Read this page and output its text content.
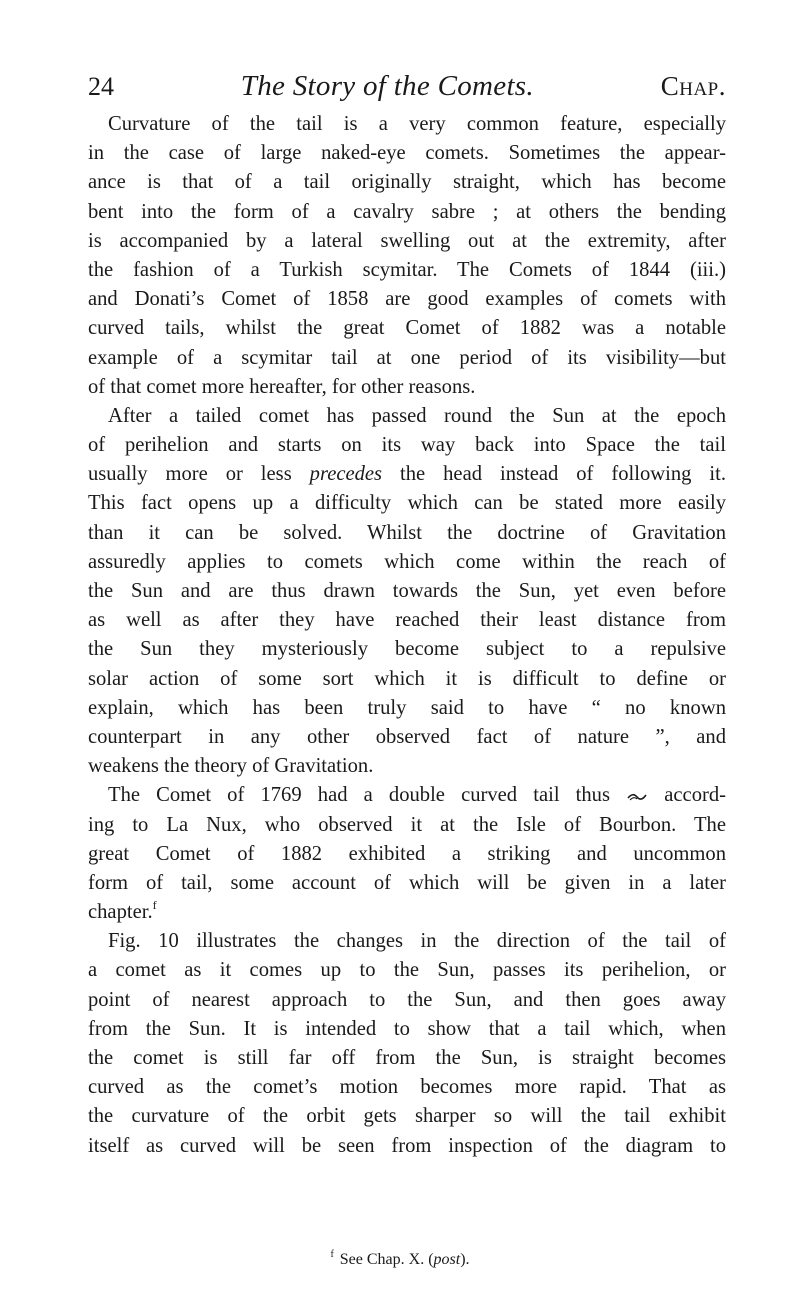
24	The Story of the Comets.	Chap.
Curvature of the tail is a very common feature, especially
in the case of large naked-eye comets. Sometimes the appear-
ance is that of a tail originally straight, which has become
bent into the form of a cavalry sabre ; at others the bending
is accompanied by a lateral swelling out at the extremity, after
the fashion of a Turkish scymitar. The Comets of 1844 (iii.)
and Donati’s Comet of 1858 are good examples of comets with
curved tails, whilst the great Comet of 1882 was a notable
example of a scymitar tail at one period of its visibility—but
of that comet more hereafter, for other reasons.
After a tailed comet has passed round the Sun at the epoch
of perihelion and starts on its way back into Space the tail
usually more or less precedes the head instead of following it.
This fact opens up a difficulty which can be stated more easily
than it can be solved. Whilst the doctrine of Gravitation
assuredly applies to comets which come within the reach of
the Sun and are thus drawn towards the Sun, yet even before
as well as after they have reached their least distance from
the Sun they mysteriously become subject to a repulsive
solar action of some sort which it is difficult to define or
explain, which has been truly said to have “ no known
counterpart in any other observed fact of nature ”, and
weakens the theory of Gravitation.
The Comet of 1769 had a double curved tail thus  accord-
ing to La Nux, who observed it at the Isle of Bourbon. The
great Comet of 1882 exhibited a striking and uncommon
form of tail, some account of which will be given in a later
chapter.$^f$
Fig. 10 illustrates the changes in the direction of the tail of
a comet as it comes up to the Sun, passes its perihelion, or
point of nearest approach to the Sun, and then goes away
from the Sun. It is intended to show that a tail which, when
the comet is still far off from the Sun, is straight becomes
curved as the comet’s motion becomes more rapid. That as
the curvature of the orbit gets sharper so will the tail exhibit
itself as curved will be seen from inspection of the diagram to
$^f$ See Chap. X. (post).
